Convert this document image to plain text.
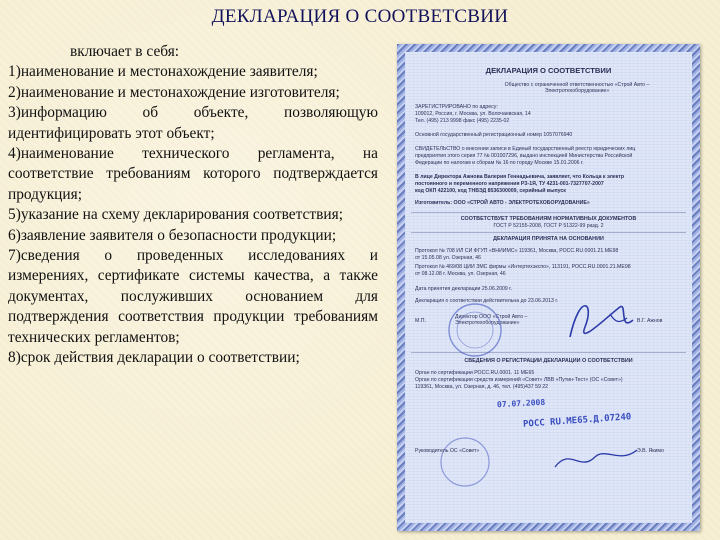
ДЕКЛАРАЦИЯ О СООТВЕТСВИИ
включает в себя:
1)наименование и местонахождение заявителя;
2)наименование и местонахождение изготовителя;
3)информацию об объекте, позволяющую идентифицировать этот объект;
4)наименование технического регламента, на соответствие требованиям которого подтверждается продукция;
5)указание на схему декларирования соответствия;
6)заявление заявителя о безопасности продукции;
7)сведения о проведенных исследованиях и измерениях, сертификате системы качества, а также документах, послуживших основанием для подтверждения соответствия продукции требованиям технических регламентов;
8)срок действия декларации о соответствии;
ДЕКЛАРАЦИЯ О СООТВЕТСТВИИ
Общество с ограниченной ответственностью «Строй Авто – Электротехоборудование»
ЗАРЕГИСТРИРОВАНО по адресу:
109012, Россия, г. Москва, ул. Волочаевская, 14
Тел. (495) 213 9998 факс (495) 2235-02
Основной государственный регистрационный номер 1057076940
СВИДЕТЕЛЬСТВО о внесении записи в Единый государственный реестр юридических лиц
предприятия этого серия 77 № 001007296, выдано инспекцией Министерства Российской
Федерации по налогам и сборам № 16 по городу Москве 15.01.2006 г.
В лице Директора Ажнова Валерия Геннадьевича, заявляет, что Кольца к электр
постоянного и переменного напряжения РЗ-1Я, ТУ 4231-001-7327707-2007
код ОКП 422100, код ТНВЭД 8536300009, серийный выпуск
Изготовитель: ООО «СТРОЙ АВТО - ЭЛЕКТРОТЕХОБОРУДОВАНИЕ»
СООТВЕТСТВУЕТ ТРЕБОВАНИЯМ НОРМАТИВНЫХ ДОКУМЕНТОВ
ГОСТ Р 52155-2008, ГОСТ Р 51322-99 разд. 2
ДЕКЛАРАЦИЯ ПРИНЯТА НА ОСНОВАНИИ
Протокол № 708 ИЛ СИ ФГУП «ВНИИМС» 119361, Москва, РОСС.RU.0001.21.МЕ98
от 15.05.08 ул. Озерная, 46
Протокол № 469/08 ЦИИ ЗМС фирмы «Интертехэкспо», 113191, РОСС.RU.0001.21.МЕ98
от 08.12.08 г. Москва, ул. Озерная, 46
Дата принятия декларации 25.06.2009 г.
Декларация о соответствии действительна до 23.06.2013 г.
М.П.
Директор ООО «Строй Авто – Электротехоборудование»	В.Г. Ажнов
СВЕДЕНИЯ О РЕГИСТРАЦИИ ДЕКЛАРАЦИИ О СООТВЕТСТВИИ
Орган по сертификации РОСС.RU.0001. 11 МЕ65
Орган по сертификации средств измерений «Совет» ЛВВ «Путин-Тест» (ОС «Совет»)
119361, Москва, ул. Озерная, д. 46, тел. (495)437 59 22
07.07.2008
РОСС RU.МЕ65.Д.07240
Руководитель ОС «Совет»	Э.В. Якимо
